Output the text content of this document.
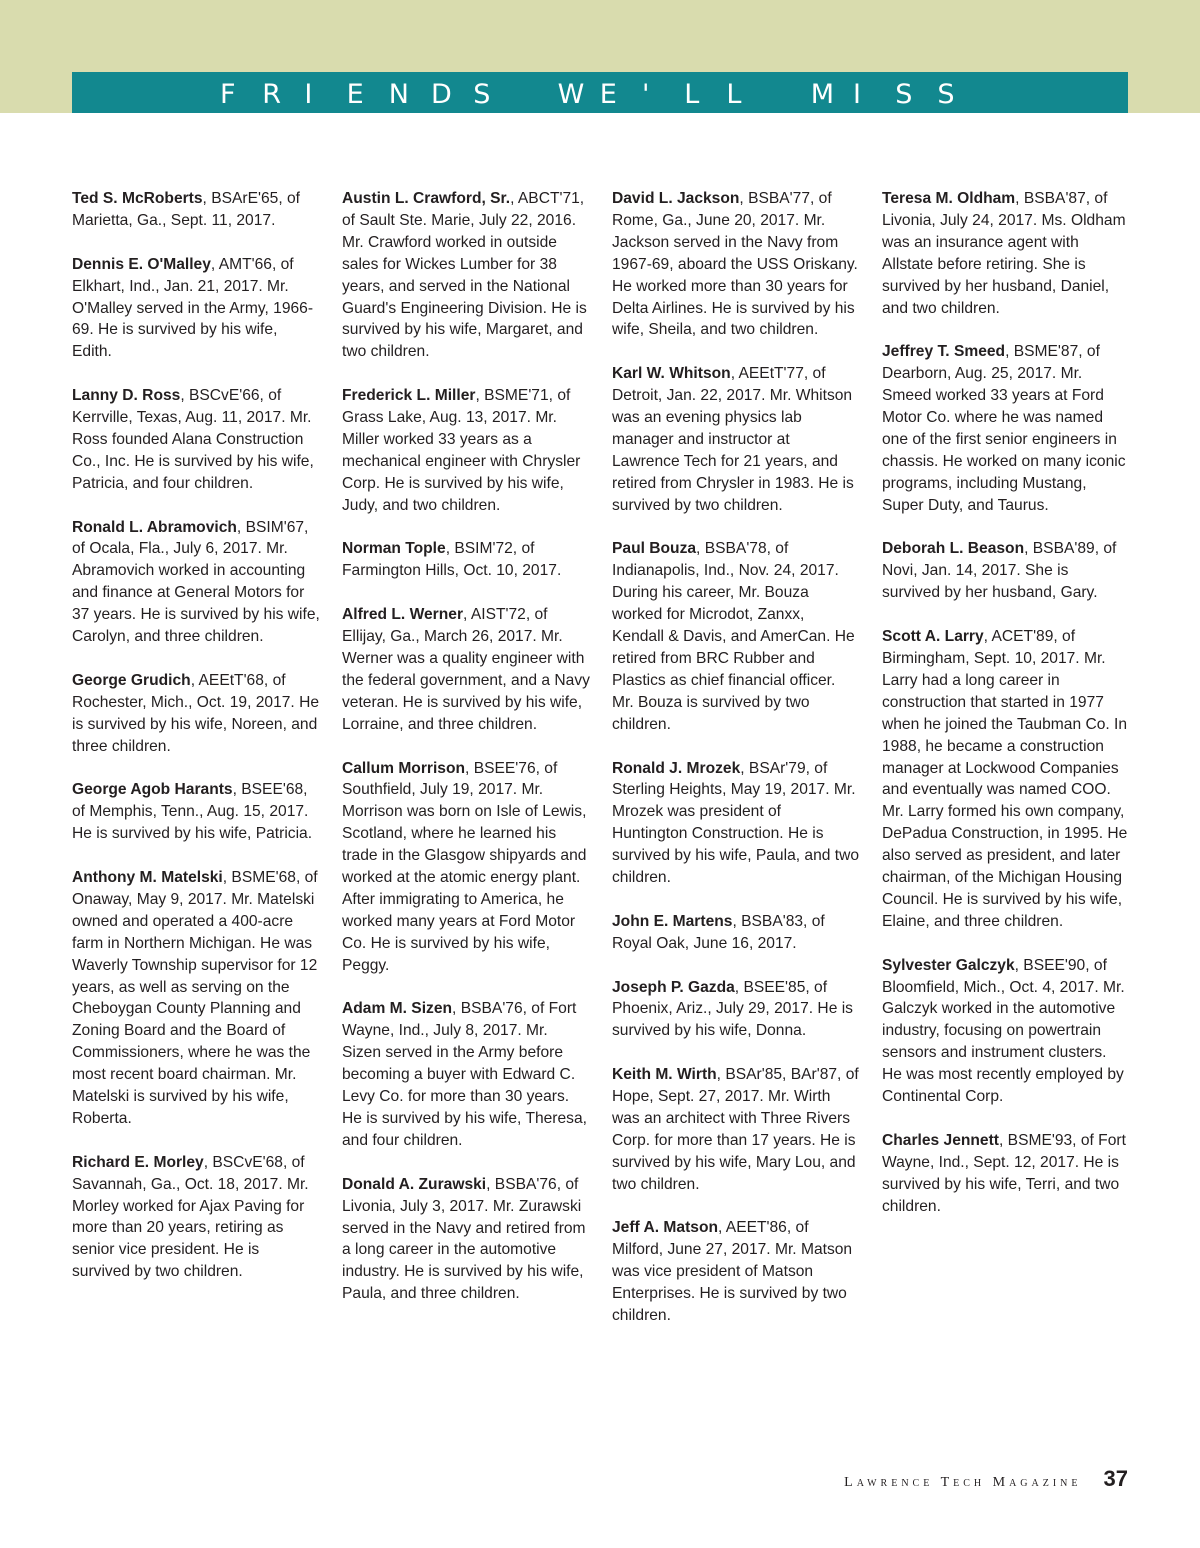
F R I E N D S
W E ' L L
	M I S S

Ted S. McRoberts, BSArE'65, of Marietta, Ga., Sept. 11, 2017.

Dennis E. O'Malley, AMT'66, of Elkhart, Ind., Jan. 21, 2017. Mr. O'Malley served in the Army, 1966-69. He is survived by his wife, Edith.

Lanny D. Ross, BSCvE'66, of Kerrville, Texas, Aug. 11, 2017. Mr. Ross founded Alana Construction Co., Inc. He is survived by his wife, Patricia, and four children.

Ronald L. Abramovich, BSIM'67, of Ocala, Fla., July 6, 2017. Mr. Abramovich worked in accounting and finance at General Motors for 37 years. He is survived by his wife, Carolyn, and three children.

George Grudich, AEEtT'68, of Rochester, Mich., Oct. 19, 2017. He is survived by his wife, Noreen, and three children.

George Agob Harants, BSEE'68, of Memphis, Tenn., Aug. 15, 2017. He is survived by his wife, Patricia.

Anthony M. Matelski, BSME'68, of Onaway, May 9, 2017. Mr. Matelski owned and operated a 400-acre farm in Northern Michigan. He was Waverly Township supervisor for 12 years, as well as serving on the Cheboygan County Planning and Zoning Board and the Board of Commissioners, where he was the most recent board chairman. Mr. Matelski is survived by his wife, Roberta.

Richard E. Morley, BSCvE'68, of Savannah, Ga., Oct. 18, 2017. Mr. Morley worked for Ajax Paving for more than 20 years, retiring as senior vice president. He is survived by two children.

Austin L. Crawford, Sr., ABCT'71, of Sault Ste. Marie, July 22, 2016. Mr. Crawford worked in outside sales for Wickes Lumber for 38 years, and served in the National Guard's Engineering Division. He is survived by his wife, Margaret, and two children.

Frederick L. Miller, BSME'71, of Grass Lake, Aug. 13, 2017. Mr. Miller worked 33 years as a mechanical engineer with Chrysler Corp. He is survived by his wife, Judy, and two children.

Norman Tople, BSIM'72, of Farmington Hills, Oct. 10, 2017.

Alfred L. Werner, AIST'72, of Ellijay, Ga., March 26, 2017. Mr. Werner was a quality engineer with the federal government, and a Navy veteran. He is survived by his wife, Lorraine, and three children.

Callum Morrison, BSEE'76, of Southfield, July 19, 2017. Mr. Morrison was born on Isle of Lewis, Scotland, where he learned his trade in the Glasgow shipyards and worked at the atomic energy plant. After immigrating to America, he worked many years at Ford Motor Co. He is survived by his wife, Peggy.

Adam M. Sizen, BSBA'76, of Fort Wayne, Ind., July 8, 2017. Mr. Sizen served in the Army before becoming a buyer with Edward C. Levy Co. for more than 30 years. He is survived by his wife, Theresa, and four children.

Donald A. Zurawski, BSBA'76, of Livonia, July 3, 2017. Mr. Zurawski served in the Navy and retired from a long career in the automotive industry. He is survived by his wife, Paula, and three children.

David L. Jackson, BSBA'77, of Rome, Ga., June 20, 2017. Mr. Jackson served in the Navy from 1967-69, aboard the USS Oriskany. He worked more than 30 years for Delta Airlines. He is survived by his wife, Sheila, and two children.

Karl W. Whitson, AEEtT'77, of Detroit, Jan. 22, 2017. Mr. Whitson was an evening physics lab manager and instructor at Lawrence Tech for 21 years, and retired from Chrysler in 1983. He is survived by two children.

Paul Bouza, BSBA'78, of Indianapolis, Ind., Nov. 24, 2017. During his career, Mr. Bouza worked for Microdot, Zanxx, Kendall & Davis, and AmerCan. He retired from BRC Rubber and Plastics as chief financial officer. Mr. Bouza is survived by two children.

Ronald J. Mrozek, BSAr'79, of Sterling Heights, May 19, 2017. Mr. Mrozek was president of Huntington Construction. He is survived by his wife, Paula, and two children.

John E. Martens, BSBA'83, of Royal Oak, June 16, 2017.

Joseph P. Gazda, BSEE'85, of Phoenix, Ariz., July 29, 2017. He is survived by his wife, Donna.

Keith M. Wirth, BSAr'85, BAr'87, of Hope, Sept. 27, 2017. Mr. Wirth was an architect with Three Rivers Corp. for more than 17 years. He is survived by his wife, Mary Lou, and two children.

Jeff A. Matson, AEET'86, of Milford, June 27, 2017. Mr. Matson was vice president of Matson Enterprises. He is survived by two children.

Teresa M. Oldham, BSBA'87, of Livonia, July 24, 2017. Ms. Oldham was an insurance agent with Allstate before retiring. She is survived by her husband, Daniel, and two children.

Jeffrey T. Smeed, BSME'87, of Dearborn, Aug. 25, 2017. Mr. Smeed worked 33 years at Ford Motor Co. where he was named one of the first senior engineers in chassis. He worked on many iconic programs, including Mustang, Super Duty, and Taurus.

Deborah L. Beason, BSBA'89, of Novi, Jan. 14, 2017. She is survived by her husband, Gary.

Scott A. Larry, ACET'89, of Birmingham, Sept. 10, 2017. Mr. Larry had a long career in construction that started in 1977 when he joined the Taubman Co. In 1988, he became a construction manager at Lockwood Companies and eventually was named COO. Mr. Larry formed his own company, DePadua Construction, in 1995. He also served as president, and later chairman, of the Michigan Housing Council. He is survived by his wife, Elaine, and three children.

Sylvester Galczyk, BSEE'90, of Bloomfield, Mich., Oct. 4, 2017. Mr. Galczyk worked in the automotive industry, focusing on powertrain sensors and instrument clusters. He was most recently employed by Continental Corp.

Charles Jennett, BSME'93, of Fort Wayne, Ind., Sept. 12, 2017. He is survived by his wife, Terri, and two children.

Lawrence Tech Magazine 37
